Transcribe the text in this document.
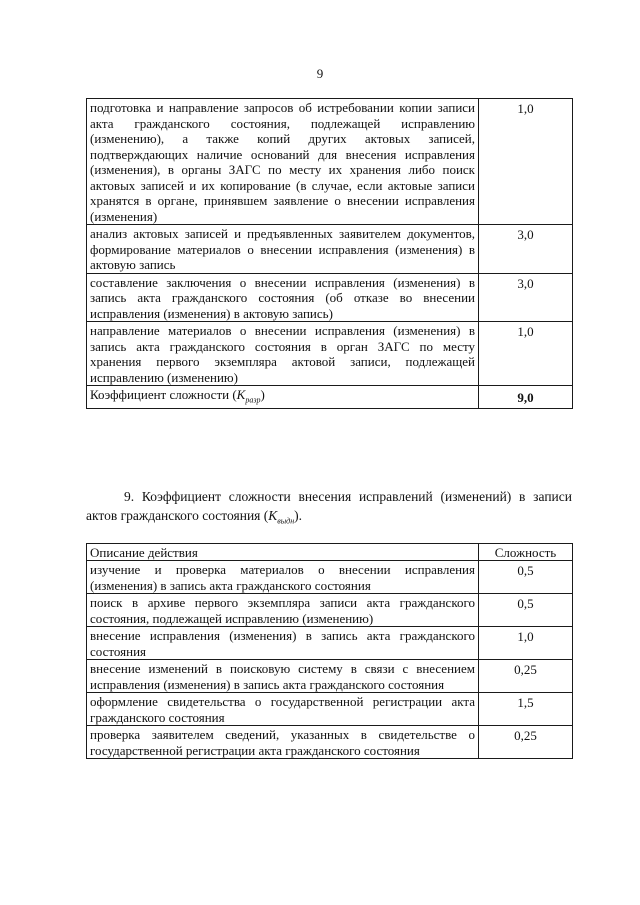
9
подготовка и направление запросов об истребовании копии записи акта гражданского состояния, подлежащей исправлению (изменению), а также копий других актовых записей, подтверждающих наличие оснований для внесения исправления (изменения), в органы ЗАГС по месту их хранения либо поиск актовых записей и их копирование (в случае, если актовые записи хранятся в органе, принявшем заявление о внесении исправления (изменения)	1,0
анализ актовых записей и предъявленных заявителем документов, формирование материалов о внесении исправления (изменения) в актовую запись	3,0
составление заключения о внесении исправления (изменения) в запись акта гражданского состояния (об отказе во внесении исправления (изменения) в актовую запись)	3,0
направление материалов о внесении исправления (изменения) в запись акта гражданского состояния в орган ЗАГС по месту хранения первого экземпляра актовой записи, подлежащей исправлению (изменению)	1,0
Коэффициент сложности $(K_{разр})$	9,0
9. Коэффициент сложности внесения исправлений (изменений) в записи актов гражданского состояния $(K_{выдн})$.
Описание действия	Сложность
изучение и проверка материалов о внесении исправления (изменения) в запись акта гражданского состояния	0,5
поиск в архиве первого экземпляра записи акта гражданского состояния, подлежащей исправлению (изменению)	0,5
внесение исправления (изменения) в запись акта гражданского состояния	1,0
внесение изменений в поисковую систему в связи с внесением исправления (изменения) в запись акта гражданского состояния	0,25
оформление свидетельства о государственной регистрации акта гражданского состояния	1,5
проверка заявителем сведений, указанных в свидетельстве о государственной регистрации акта гражданского состояния	0,25
